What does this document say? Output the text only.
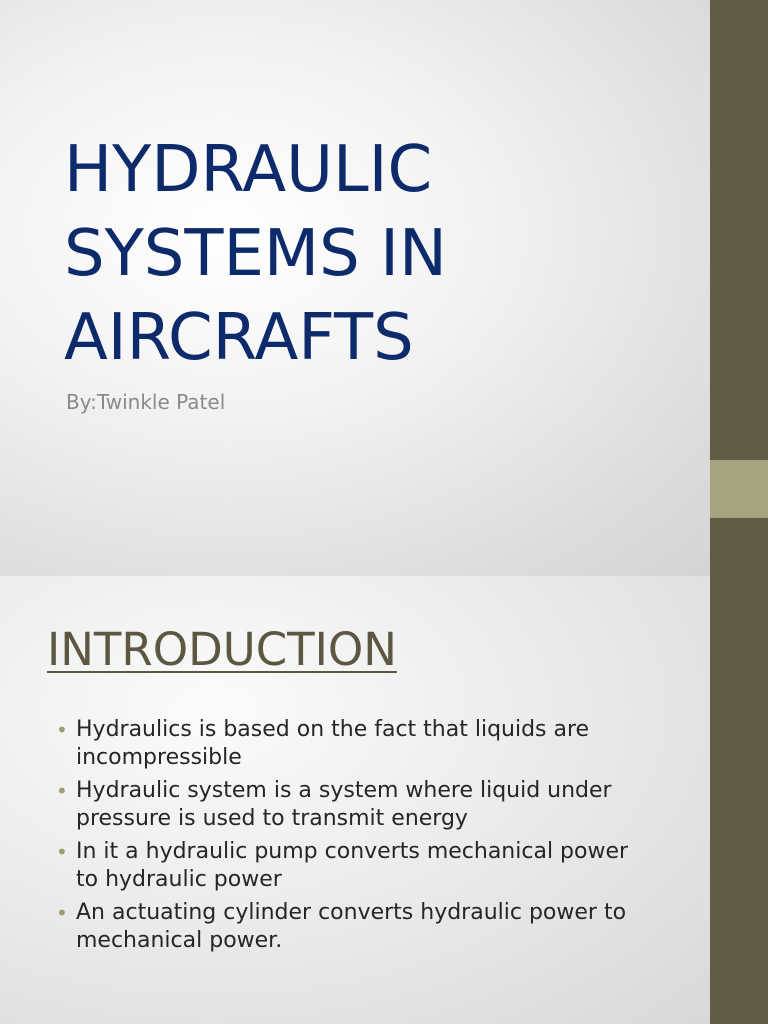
HYDRAULIC SYSTEMS IN AIRCRAFTS

By:Twinkle Patel

INTRODUCTION
• Hydraulics is based on the fact that liquids are incompressible
• Hydraulic system is a system where liquid under pressure is used to transmit energy
• In it a hydraulic pump converts mechanical power to hydraulic power
• An actuating cylinder converts hydraulic power to mechanical power.
